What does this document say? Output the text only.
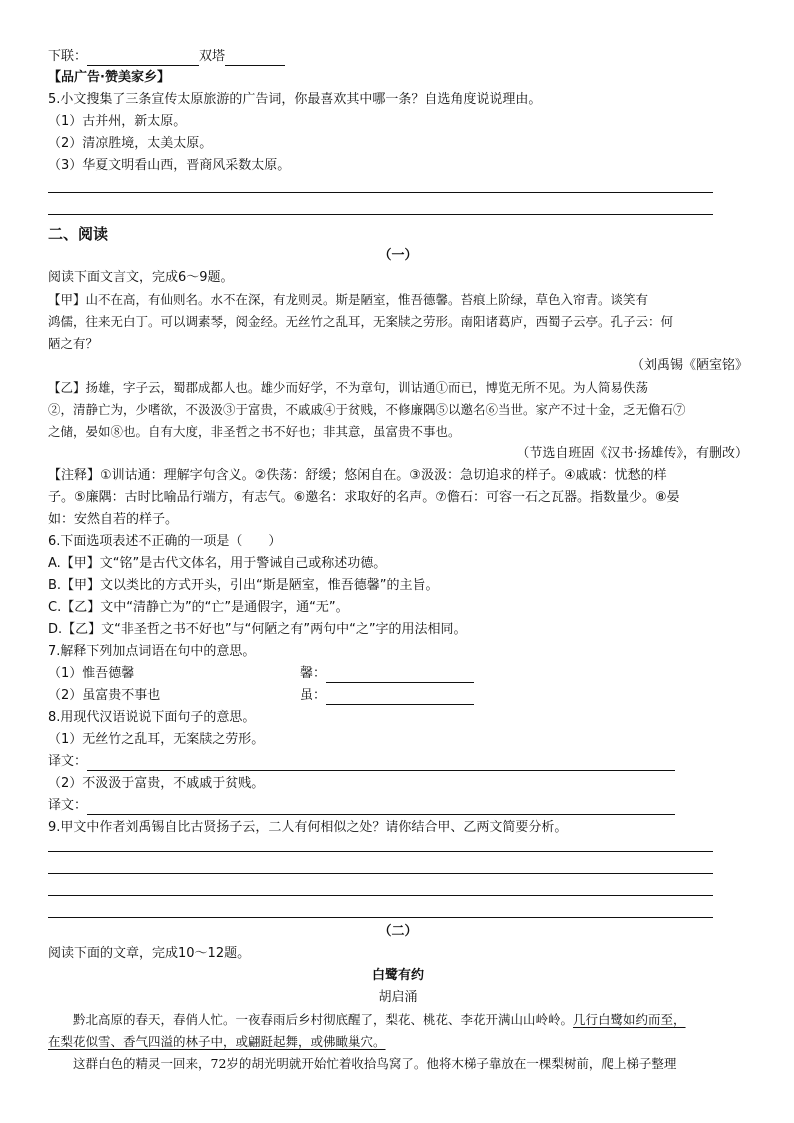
下联：	双塔
【品广告·赞美家乡】
5.小文搜集了三条宣传太原旅游的广告词，你最喜欢其中哪一条？自选角度说说理由。
（1）古并州，新太原。
（2）清凉胜境，太美太原。
（3）华夏文明看山西，晋商风采数太原。
二、阅读
（一）
阅读下面文言文，完成6～9题。
【甲】山不在高，有仙则名。水不在深，有龙则灵。斯是陋室，惟吾德馨。苔痕上阶绿，草色入帘青。谈笑有
鸿儒，往来无白丁。可以调素琴，阅金经。无丝竹之乱耳，无案牍之劳形。南阳诸葛庐，西蜀子云亭。孔子云：何
陋之有？
（刘禹锡《陋室铭》
【乙】扬雄，字子云，蜀郡成都人也。雄少而好学，不为章句，训诂通①而已，博览无所不见。为人简易佚荡
②，清静亡为，少嗜欲，不汲汲③于富贵，不戚戚④于贫贱，不修廉隅⑤以邀名⑥当世。家产不过十金，乏无儋石⑦
之储，晏如⑧也。自有大度，非圣哲之书不好也；非其意，虽富贵不事也。
（节选自班固《汉书·扬雄传》，有删改）
【注释】①训诂通：理解字句含义。②佚荡：舒缓；悠闲自在。③汲汲：急切追求的样子。④戚戚：忧愁的样
子。⑤廉隅：古时比喻品行端方，有志气。⑥邀名：求取好的名声。⑦儋石：可容一石之瓦器。指数量少。⑧晏
如：安然自若的样子。
6.下面选项表述不正确的一项是（　　）
A.【甲】文“铭”是古代文体名，用于警诫自己或称述功德。
B.【甲】文以类比的方式开头，引出“斯是陋室，惟吾德馨”的主旨。
C.【乙】文中“清静亡为”的“亡”是通假字，通“无”。
D.【乙】文“非圣哲之书不好也”与“何陋之有”两句中“之”字的用法相同。
7.解释下列加点词语在句中的意思。
（1）惟吾德馨	馨：
（2）虽富贵不事也	虽：
8.用现代汉语说说下面句子的意思。
（1）无丝竹之乱耳，无案牍之劳形。
译文：
（2）不汲汲于富贵，不戚戚于贫贱。
译文：
9.甲文中作者刘禹锡自比古贤扬子云，二人有何相似之处？请你结合甲、乙两文简要分析。
（二）
阅读下面的文章，完成10～12题。
白鹭有约
胡启涌
　　黔北高原的春天，春俏人忙。一夜春雨后乡村彻底醒了，梨花、桃花、李花开满山山岭岭。几行白鹭如约而至，
在梨花似雪、香气四溢的林子中，或翩跹起舞，或佛瞰巢穴。
　　这群白色的精灵一回来，72岁的胡光明就开始忙着收拾鸟窝了。他将木梯子靠放在一棵梨树前，爬上梯子整理
